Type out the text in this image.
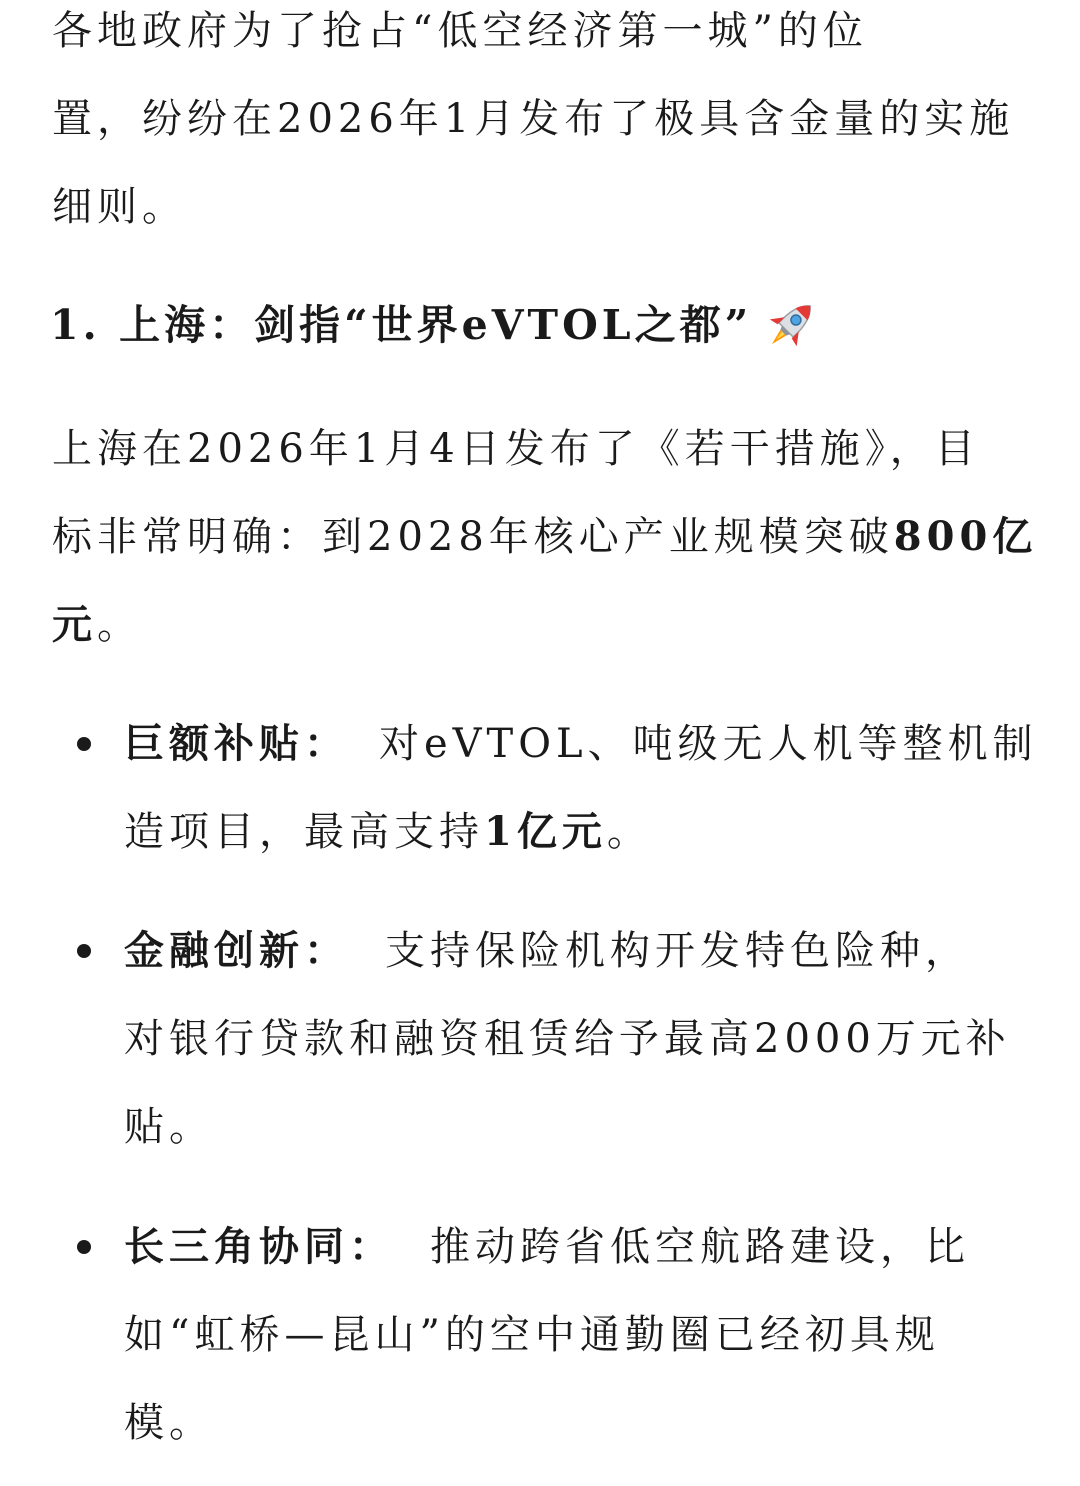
各地政府为了抢占“低空经济第一城”的位
置，纷纷在2026年1月发布了极具含金量的实施
细则。
1. 上海：剑指“世界eVTOL之都”
上海在2026年1月4日发布了《若干措施》，目
标非常明确：到2028年核心产业规模突破800亿
元。
巨额补贴： 对eVTOL、吨级无人机等整机制
造项目，最高支持1亿元。
金融创新： 支持保险机构开发特色险种，
对银行贷款和融资租赁给予最高2000万元补
贴。
长三角协同： 推动跨省低空航路建设，比
如“虹桥—昆山”的空中通勤圈已经初具规
模。
